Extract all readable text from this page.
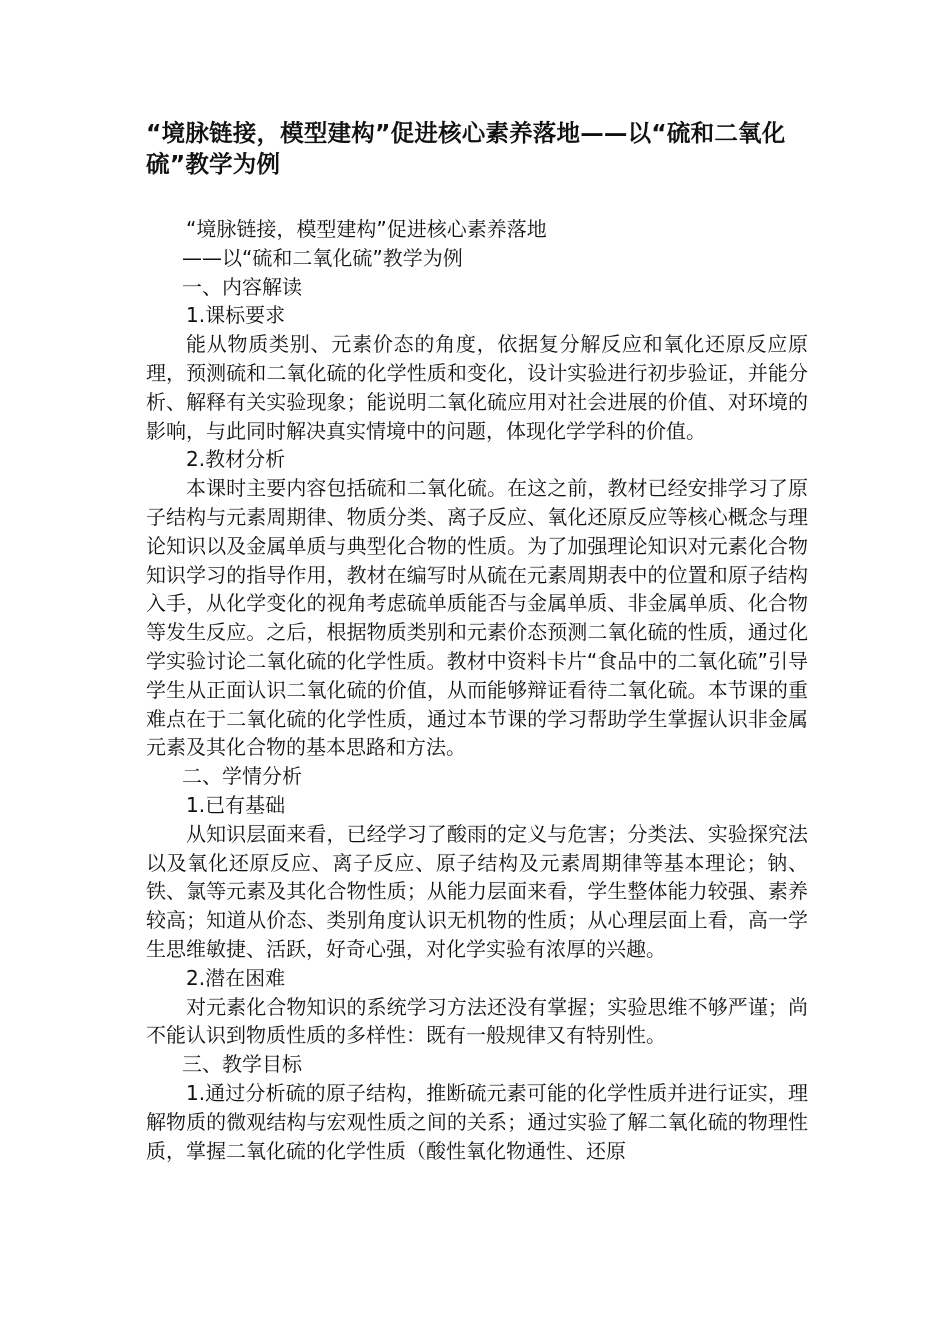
“境脉链接，模型建构”促进核心素养落地——以“硫和二氧化硫”教学为例
“境脉链接，模型建构”促进核心素养落地
——以“硫和二氧化硫”教学为例
一、内容解读
1.课标要求

能从物质类别、元素价态的角度，依据复分解反应和氧化还原反应原理，预测硫和二氧化硫的化学性质和变化，设计实验进行初步验证，并能分析、解释有关实验现象；能说明二氧化硫应用对社会进展的价值、对环境的影响，与此同时解决真实情境中的问题，体现化学学科的价值。

2.教材分析

本课时主要内容包括硫和二氧化硫。在这之前，教材已经安排学习了原子结构与元素周期律、物质分类、离子反应、氧化还原反应等核心概念与理论知识以及金属单质与典型化合物的性质。为了加强理论知识对元素化合物知识学习的指导作用，教材在编写时从硫在元素周期表中的位置和原子结构入手，从化学变化的视角考虑硫单质能否与金属单质、非金属单质、化合物等发生反应。之后，根据物质类别和元素价态预测二氧化硫的性质，通过化学实验讨论二氧化硫的化学性质。教材中资料卡片“食品中的二氧化硫”引导学生从正面认识二氧化硫的价值，从而能够辩证看待二氧化硫。本节课的重难点在于二氧化硫的化学性质，通过本节课的学习帮助学生掌握认识非金属元素及其化合物的基本思路和方法。

二、学情分析
1.已有基础

从知识层面来看，已经学习了酸雨的定义与危害；分类法、实验探究法以及氧化还原反应、离子反应、原子结构及元素周期律等基本理论；钠、铁、氯等元素及其化合物性质；从能力层面来看，学生整体能力较强、素养较高；知道从价态、类别角度认识无机物的性质；从心理层面上看，高一学生思维敏捷、活跃，好奇心强，对化学实验有浓厚的兴趣。

2.潜在困难

对元素化合物知识的系统学习方法还没有掌握；实验思维不够严谨；尚不能认识到物质性质的多样性：既有一般规律又有特别性。

三、教学目标

1.通过分析硫的原子结构，推断硫元素可能的化学性质并进行证实，理解物质的微观结构与宏观性质之间的关系；通过实验了解二氧化硫的物理性质，掌握二氧化硫的化学性质（酸性氧化物通性、还原
